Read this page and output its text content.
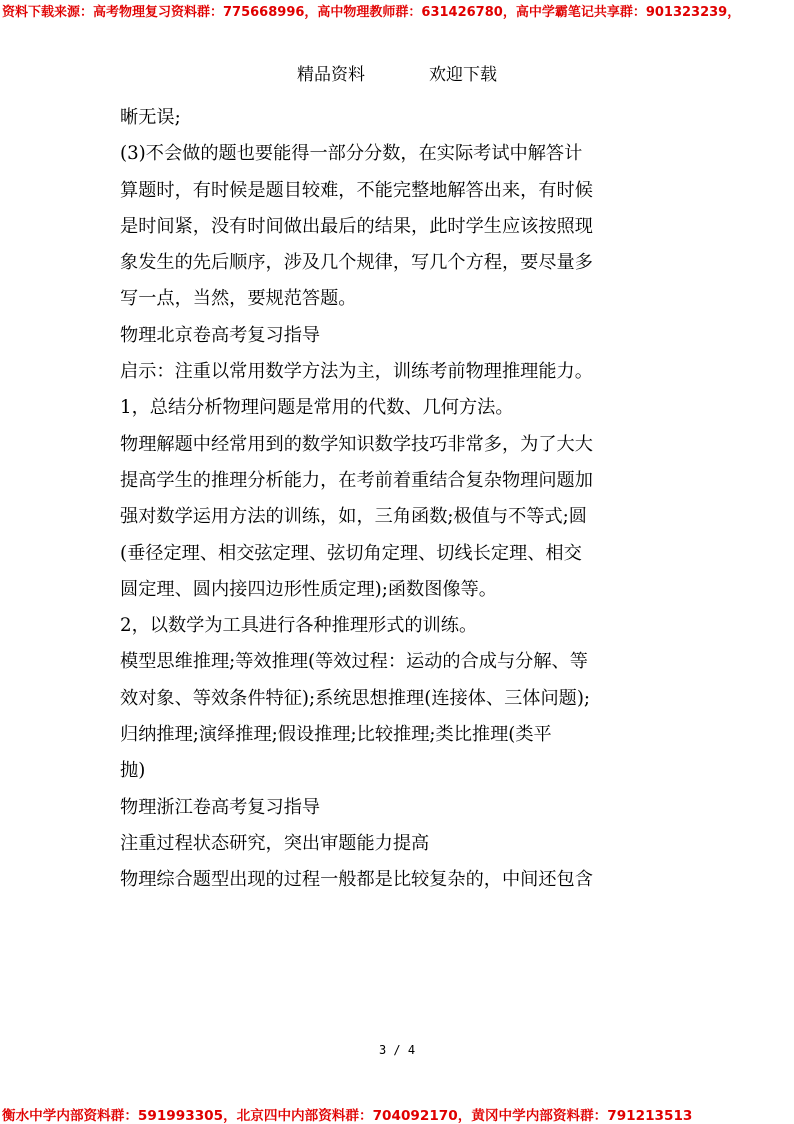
资料下载来源：高考物理复习资料群：775668996，高中物理教师群：631426780，高中学霸笔记共享群：901323239，
精品资料	欢迎下载

晰无误;

(3)不会做的题也要能得一部分分数，在实际考试中解答计

算题时，有时候是题目较难，不能完整地解答出来，有时候

是时间紧，没有时间做出最后的结果，此时学生应该按照现

象发生的先后顺序，涉及几个规律，写几个方程，要尽量多

写一点，当然，要规范答题。

物理北京卷高考复习指导

启示：注重以常用数学方法为主，训练考前物理推理能力。

1，总结分析物理问题是常用的代数、几何方法。

物理解题中经常用到的数学知识数学技巧非常多，为了大大

提高学生的推理分析能力，在考前着重结合复杂物理问题加

强对数学运用方法的训练，如，三角函数;极值与不等式;圆

(垂径定理、相交弦定理、弦切角定理、切线长定理、相交

圆定理、圆内接四边形性质定理);函数图像等。

2，以数学为工具进行各种推理形式的训练。

模型思维推理;等效推理(等效过程：运动的合成与分解、等

效对象、等效条件特征);系统思想推理(连接体、三体问题);

归纳推理;演绎推理;假设推理;比较推理;类比推理(类平

抛)

物理浙江卷高考复习指导

注重过程状态研究，突出审题能力提高

物理综合题型出现的过程一般都是比较复杂的，中间还包含

3 / 4
衡水中学内部资料群：591993305，北京四中内部资料群：704092170，黄冈中学内部资料群：791213513
